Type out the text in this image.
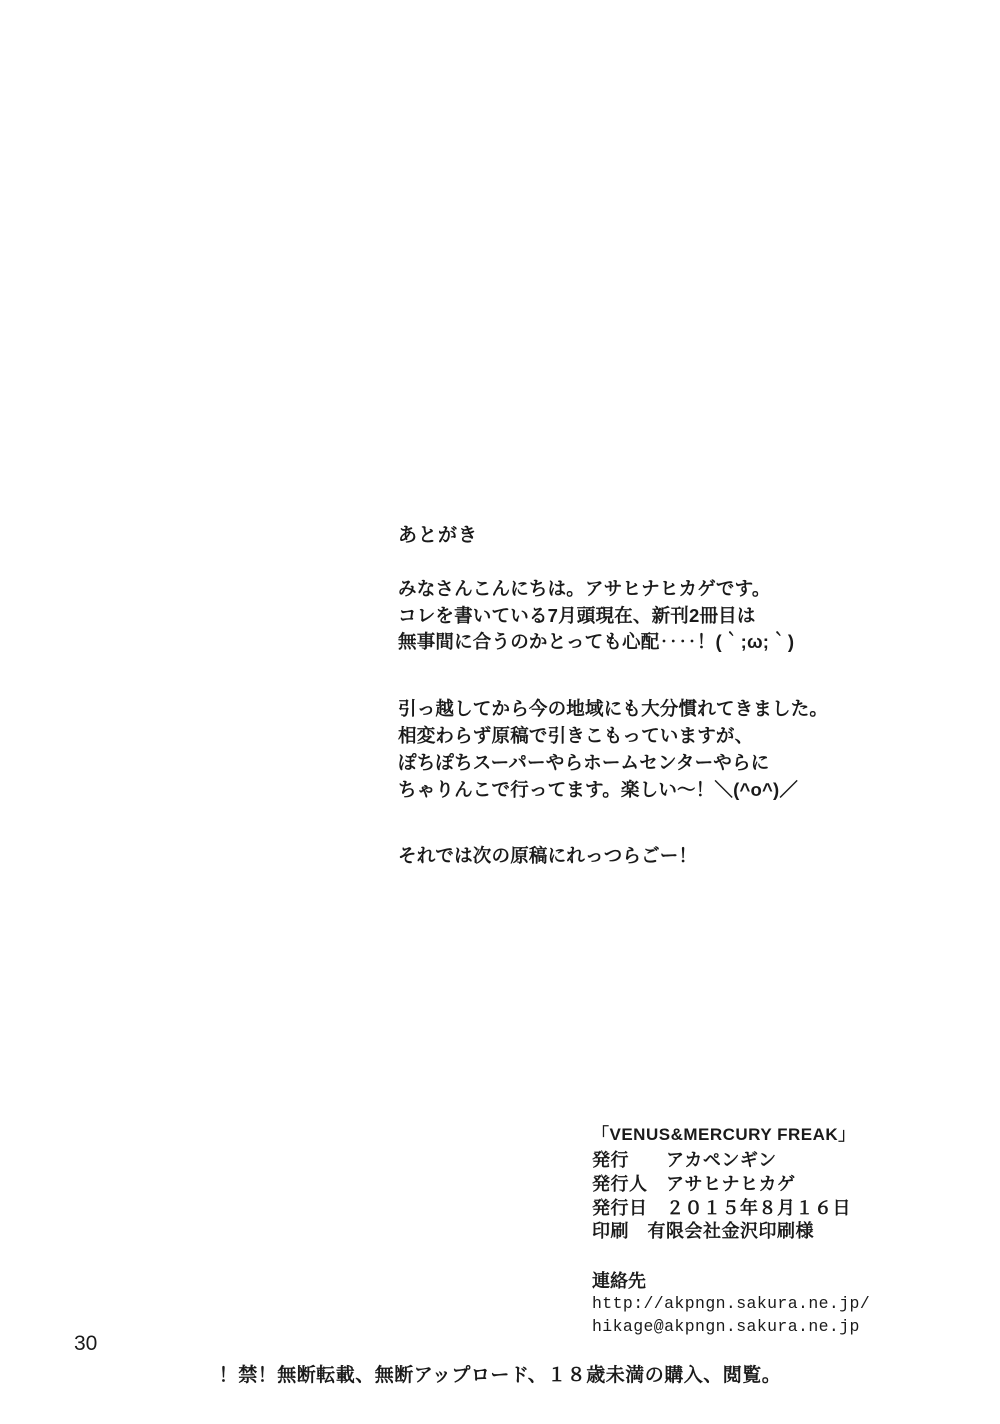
あとがき

みなさんこんにちは。アサヒナヒカゲです。
コレを書いている7月頭現在、新刊2冊目は
無事間に合うのかとっても心配‥‥！(｀;ω;｀)

引っ越してから今の地域にも大分慣れてきました。
相変わらず原稿で引きこもっていますが、
ぽちぽちスーパーやらホームセンターやらに
ちゃりんこで行ってます。楽しい〜！＼(^o^)／

それでは次の原稿にれっつらごー！

「VENUS&MERCURY FREAK」
発行　　アカペンギン
発行人　アサヒナヒカゲ
発行日　２０１５年８月１６日
印刷　有限会社金沢印刷様
連絡先
http://akpngn.sakura.ne.jp/
hikage@akpngn.sakura.ne.jp
30
！禁！無断転載、無断アップロード、１８歳未満の購入、閲覧。
